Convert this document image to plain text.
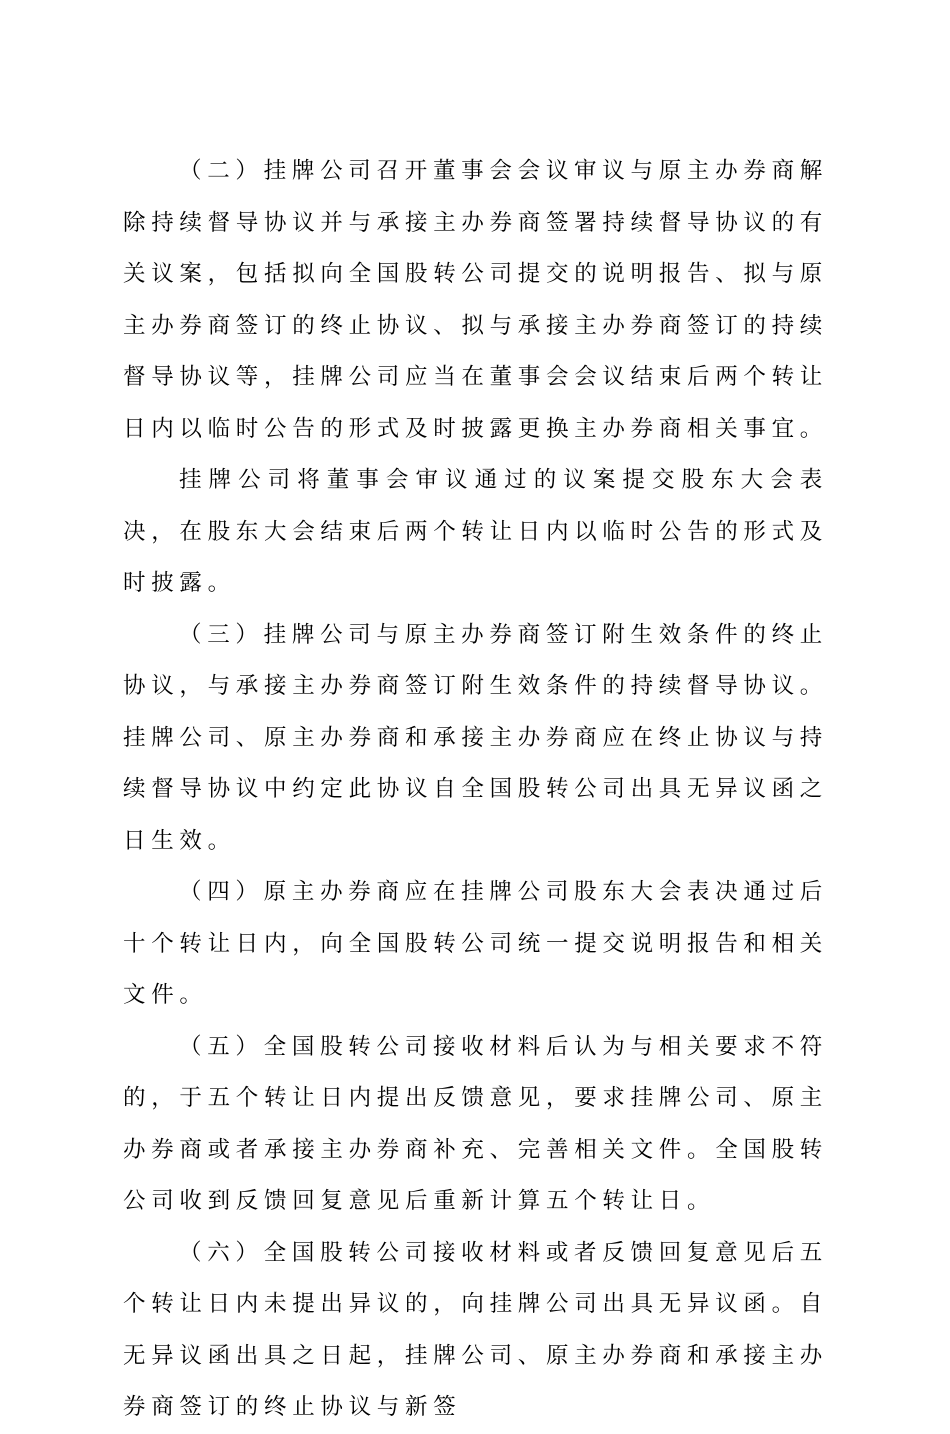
（二）挂牌公司召开董事会会议审议与原主办券商解除持续督导协议并与承接主办券商签署持续督导协议的有关议案，包括拟向全国股转公司提交的说明报告、拟与原主办券商签订的终止协议、拟与承接主办券商签订的持续督导协议等，挂牌公司应当在董事会会议结束后两个转让日内以临时公告的形式及时披露更换主办券商相关事宜。

挂牌公司将董事会审议通过的议案提交股东大会表决，在股东大会结束后两个转让日内以临时公告的形式及时披露。

（三）挂牌公司与原主办券商签订附生效条件的终止协议，与承接主办券商签订附生效条件的持续督导协议。挂牌公司、原主办券商和承接主办券商应在终止协议与持续督导协议中约定此协议自全国股转公司出具无异议函之日生效。

（四）原主办券商应在挂牌公司股东大会表决通过后十个转让日内，向全国股转公司统一提交说明报告和相关文件。

（五）全国股转公司接收材料后认为与相关要求不符的，于五个转让日内提出反馈意见，要求挂牌公司、原主办券商或者承接主办券商补充、完善相关文件。全国股转公司收到反馈回复意见后重新计算五个转让日。

（六）全国股转公司接收材料或者反馈回复意见后五个转让日内未提出异议的，向挂牌公司出具无异议函。自无异议函出具之日起，挂牌公司、原主办券商和承接主办券商签订的终止协议与新签
